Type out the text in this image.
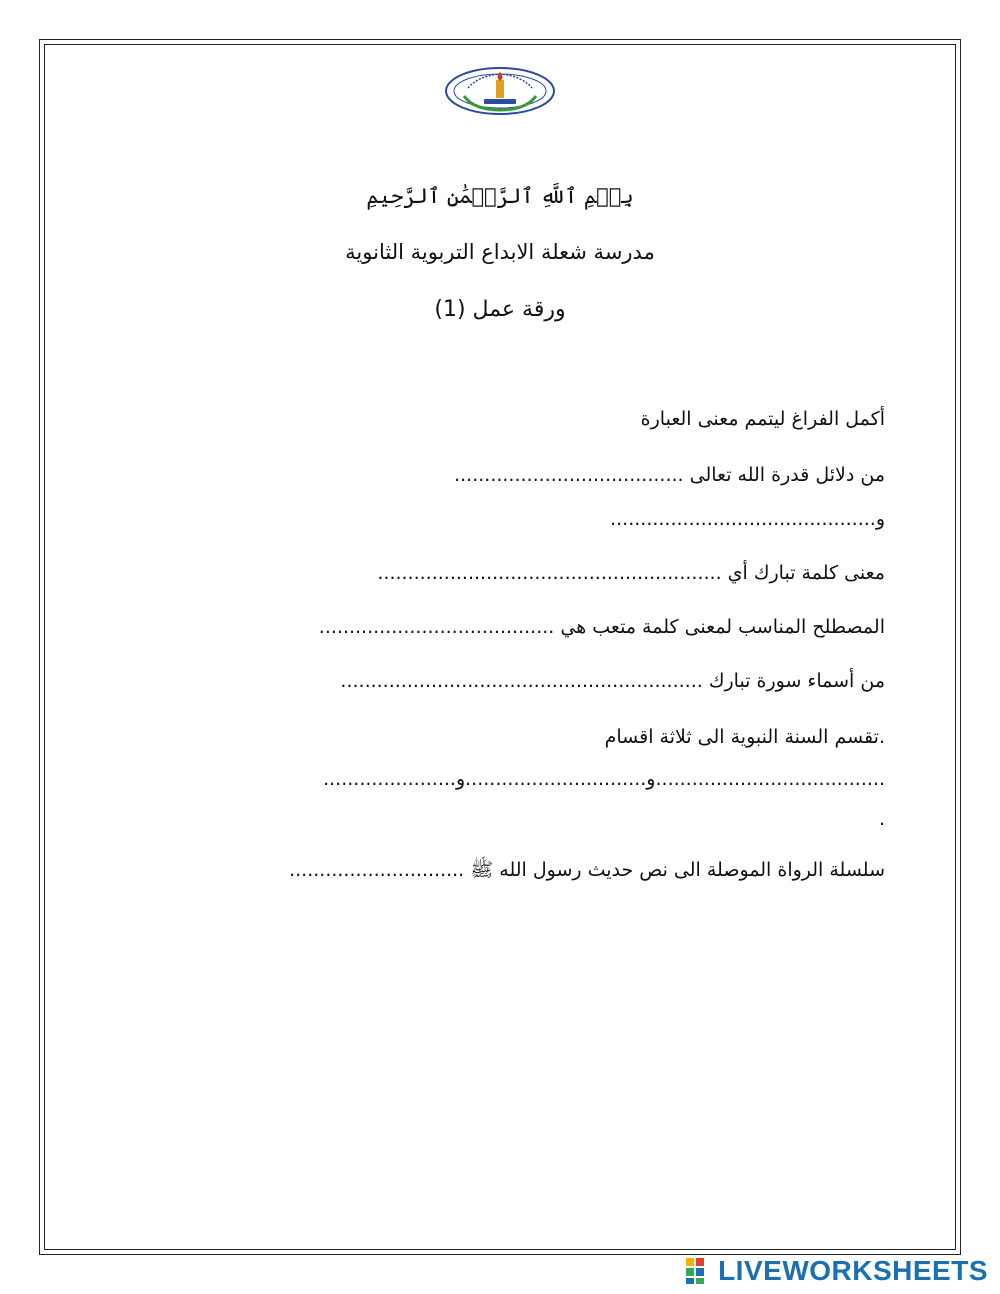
بِسۡمِ ٱللَّهِ ٱلرَّحۡمَٰنِ ٱلرَّحِيمِ
مدرسة شعلة الابداع التربوية الثانوية
ورقة عمل (1)
أكمل الفراغ ليتمم معنى العبارة
من دلائل قدرة الله تعالى ......................................
و............................................
معنى كلمة تبارك أي .........................................................
المصطلح المناسب لمعنى كلمة متعب هي .......................................
من أسماء سورة تبارك ............................................................
.تقسم السنة النبوية الى ثلاثة اقسام
......................................و..............................و......................
.
سلسلة الرواة الموصلة الى نص حديث رسول الله ﷺ .............................
LIVEWORKSHEETS
